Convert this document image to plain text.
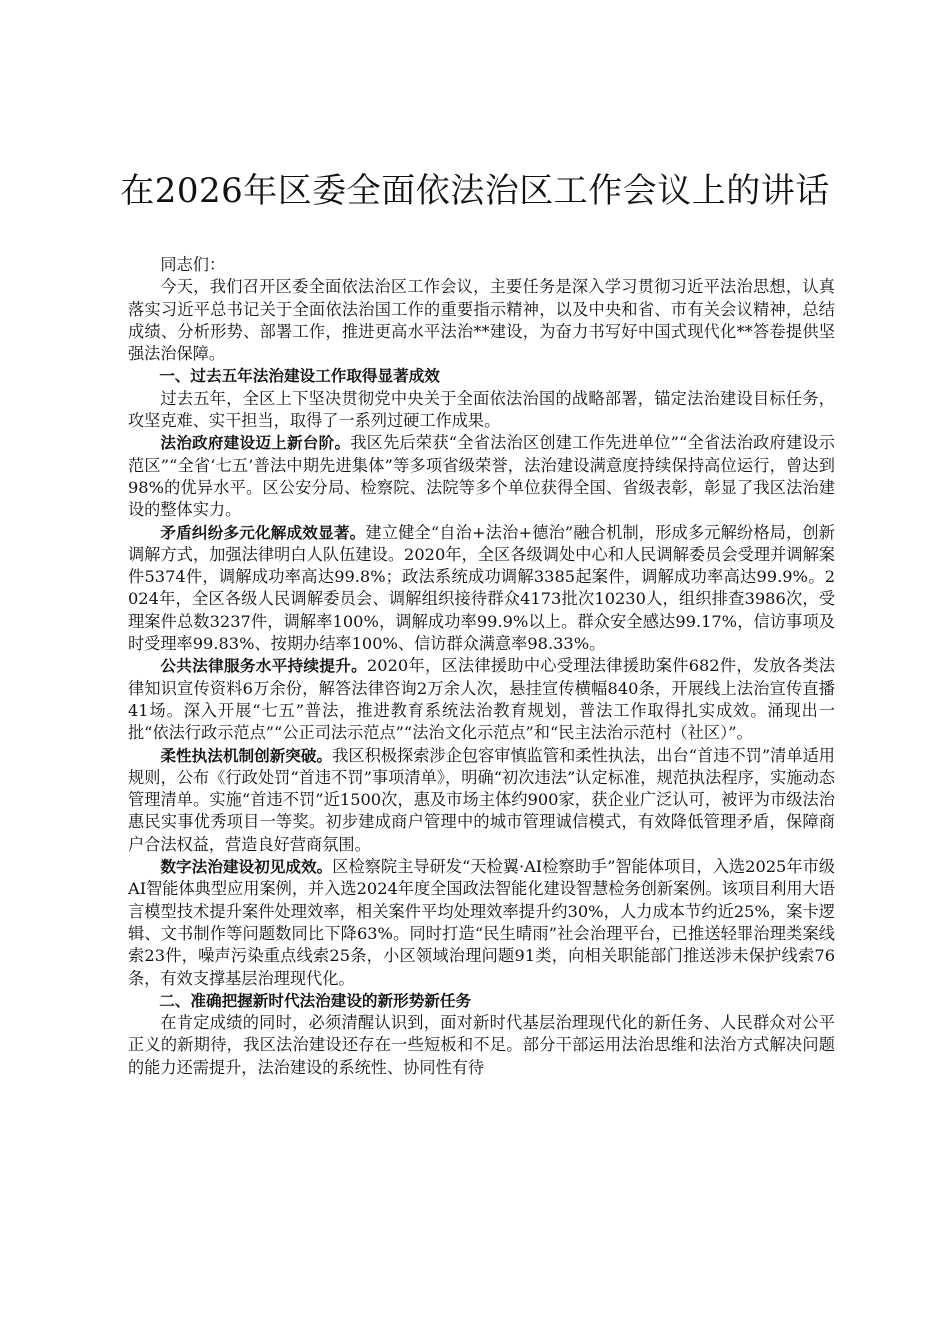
在2026年区委全面依法治区工作会议上的讲话

同志们：

今天，我们召开区委全面依法治区工作会议，主要任务是深入学习贯彻习近平法治思想，认真落实习近平总书记关于全面依法治国工作的重要指示精神，以及中央和省、市有关会议精神，总结成绩、分析形势、部署工作，推进更高水平法治**建设，为奋力书写好中国式现代化**答卷提供坚强法治保障。

一、过去五年法治建设工作取得显著成效

过去五年，全区上下坚决贯彻党中央关于全面依法治国的战略部署，锚定法治建设目标任务，攻坚克难、实干担当，取得了一系列过硬工作成果。

法治政府建设迈上新台阶。我区先后荣获“全省法治区创建工作先进单位”“全省法治政府建设示范区”“全省‘七五’普法中期先进集体”等多项省级荣誉，法治建设满意度持续保持高位运行，曾达到98%的优异水平。区公安分局、检察院、法院等多个单位获得全国、省级表彰，彰显了我区法治建设的整体实力。

矛盾纠纷多元化解成效显著。建立健全“自治+法治+德治”融合机制，形成多元解纷格局，创新调解方式，加强法律明白人队伍建设。2020年，全区各级调处中心和人民调解委员会受理并调解案件5374件，调解成功率高达99.8%；政法系统成功调解3385起案件，调解成功率高达99.9%。2024年，全区各级人民调解委员会、调解组织接待群众4173批次10230人，组织排查3986次，受理案件总数3237件，调解率100%，调解成功率99.9%以上。群众安全感达99.17%，信访事项及时受理率99.83%、按期办结率100%、信访群众满意率98.33%。

公共法律服务水平持续提升。2020年，区法律援助中心受理法律援助案件682件，发放各类法律知识宣传资料6万余份，解答法律咨询2万余人次，悬挂宣传横幅840条，开展线上法治宣传直播41场。深入开展“七五”普法，推进教育系统法治教育规划，普法工作取得扎实成效。涌现出一批“依法行政示范点”“公正司法示范点”“法治文化示范点”和“民主法治示范村（社区）”。

柔性执法机制创新突破。我区积极探索涉企包容审慎监管和柔性执法，出台“首违不罚”清单适用规则，公布《行政处罚“首违不罚”事项清单》，明确“初次违法”认定标准，规范执法程序，实施动态管理清单。实施“首违不罚”近1500次，惠及市场主体约900家，获企业广泛认可，被评为市级法治惠民实事优秀项目一等奖。初步建成商户管理中的城市管理诚信模式，有效降低管理矛盾，保障商户合法权益，营造良好营商氛围。

数字法治建设初见成效。区检察院主导研发“天检翼·AI检察助手”智能体项目，入选2025年市级AI智能体典型应用案例，并入选2024年度全国政法智能化建设智慧检务创新案例。该项目利用大语言模型技术提升案件处理效率，相关案件平均处理效率提升约30%，人力成本节约近25%，案卡逻辑、文书制作等问题数同比下降63%。同时打造“民生晴雨”社会治理平台，已推送轻罪治理类案线索23件，噪声污染重点线索25条，小区领域治理问题91类，向相关职能部门推送涉未保护线索76条，有效支撑基层治理现代化。

二、准确把握新时代法治建设的新形势新任务

在肯定成绩的同时，必须清醒认识到，面对新时代基层治理现代化的新任务、人民群众对公平正义的新期待，我区法治建设还存在一些短板和不足。部分干部运用法治思维和法治方式解决问题的能力还需提升，法治建设的系统性、协同性有待
